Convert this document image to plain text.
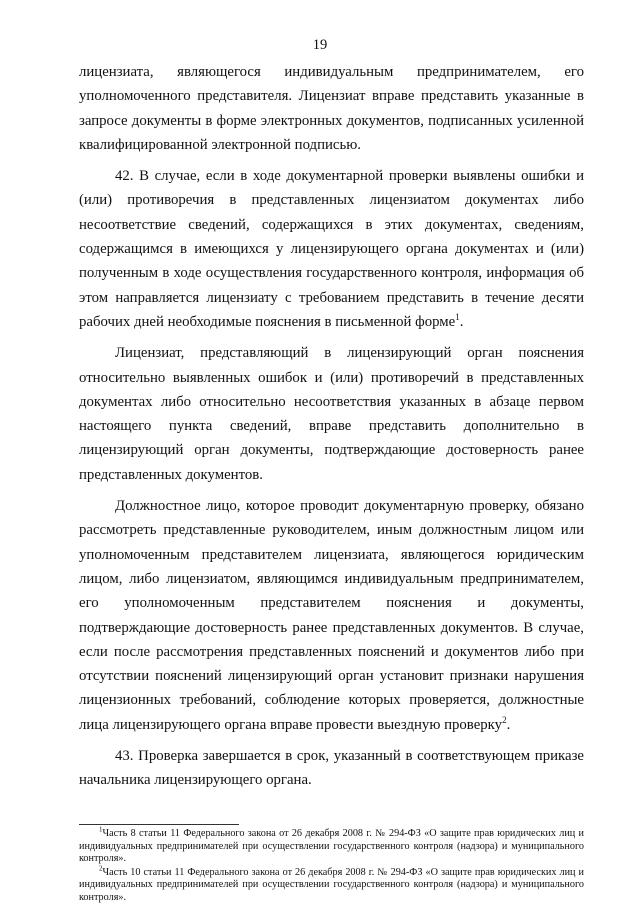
19

лицензиата, являющегося индивидуальным предпринимателем, его уполномоченного представителя. Лицензиат вправе представить указанные в запросе документы в форме электронных документов, подписанных усиленной квалифицированной электронной подписью.

42. В случае, если в ходе документарной проверки выявлены ошибки и (или) противоречия в представленных лицензиатом документах либо несоответствие сведений, содержащихся в этих документах, сведениям, содержащимся в имеющихся у лицензирующего органа документах и (или) полученным в ходе осуществления государственного контроля, информация об этом направляется лицензиату с требованием представить в течение десяти рабочих дней необходимые пояснения в письменной форме$^1$.

Лицензиат, представляющий в лицензирующий орган пояснения относительно выявленных ошибок и (или) противоречий в представленных документах либо относительно несоответствия указанных в абзаце первом настоящего пункта сведений, вправе представить дополнительно в лицензирующий орган документы, подтверждающие достоверность ранее представленных документов.

Должностное лицо, которое проводит документарную проверку, обязано рассмотреть представленные руководителем, иным должностным лицом или уполномоченным представителем лицензиата, являющегося юридическим лицом, либо лицензиатом, являющимся индивидуальным предпринимателем, его уполномоченным представителем пояснения и документы, подтверждающие достоверность ранее представленных документов. В случае, если после рассмотрения представленных пояснений и документов либо при отсутствии пояснений лицензирующий орган установит признаки нарушения лицензионных требований, соблюдение которых проверяется, должностные лица лицензирующего органа вправе провести выездную проверку$^2$.

43. Проверка завершается в срок, указанный в соответствующем приказе начальника лицензирующего органа.

$^1$Часть 8 статьи 11 Федерального закона от 26 декабря 2008 г. № 294-ФЗ «О защите прав юридических лиц и индивидуальных предпринимателей при осуществлении государственного контроля (надзора) и муниципального контроля».

$^2$Часть 10 статьи 11 Федерального закона от 26 декабря 2008 г. № 294-ФЗ «О защите прав юридических лиц и индивидуальных предпринимателей при осуществлении государственного контроля (надзора) и муниципального контроля».
